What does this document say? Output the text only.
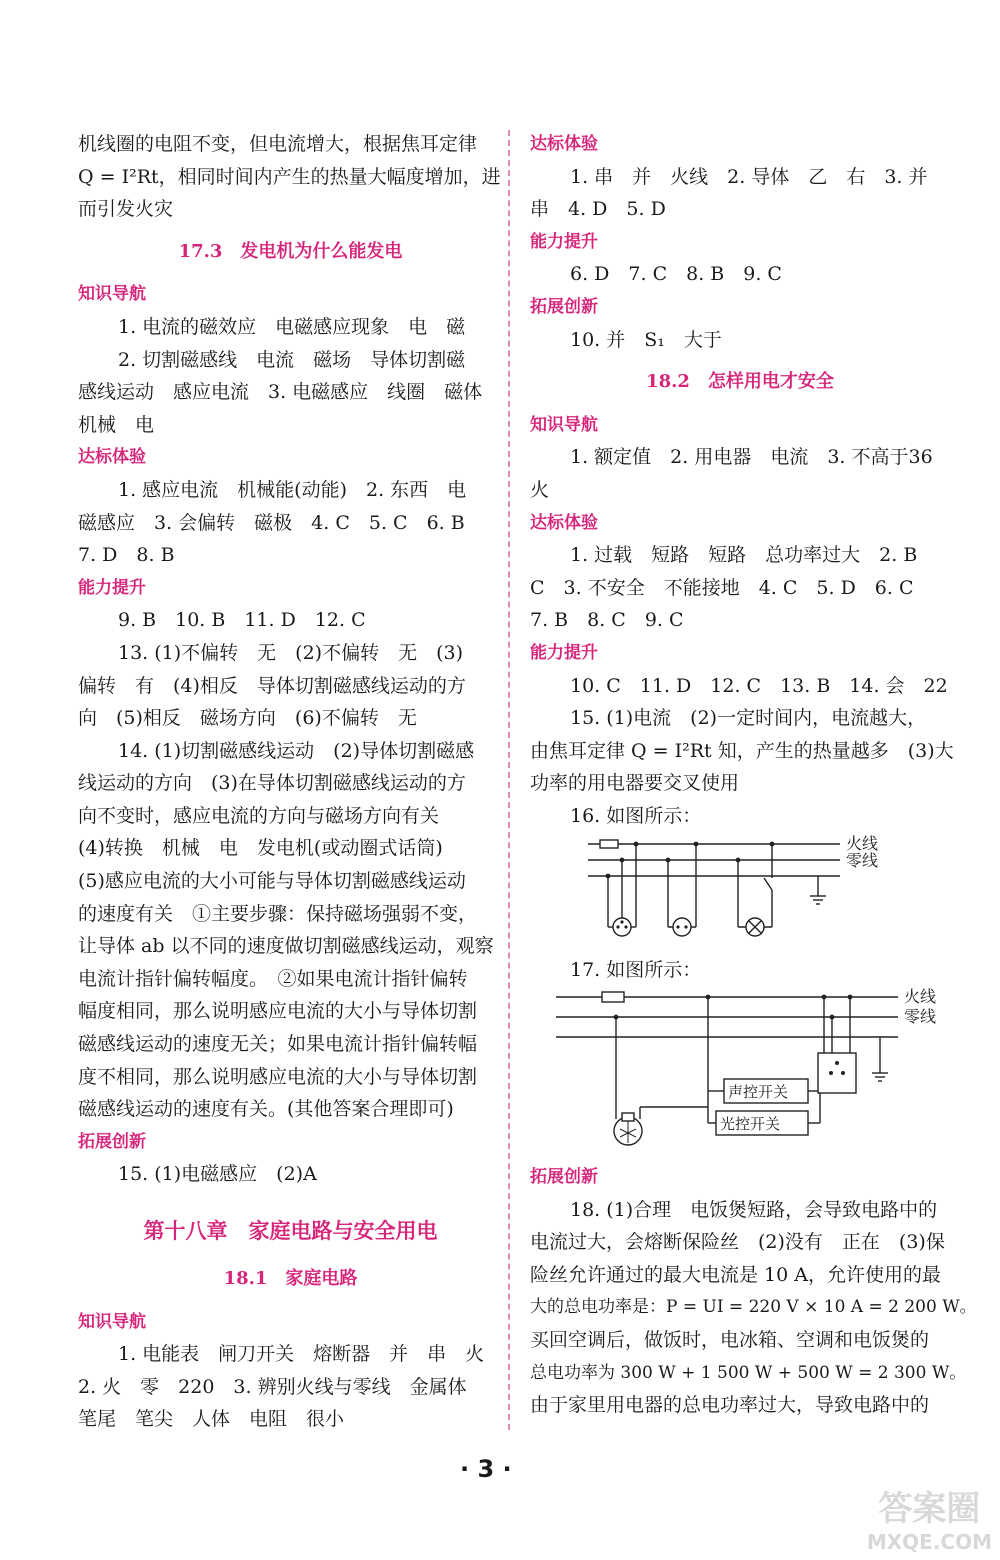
机线圈的电阻不变，但电流增大，根据焦耳定律
Q = I²Rt，相同时间内产生的热量大幅度增加，进
而引发火灾
17.3　发电机为什么能发电
知识导航
1. 电流的磁效应　电磁感应现象　电　磁
2. 切割磁感线　电流　磁场　导体切割磁
感线运动　感应电流　3. 电磁感应　线圈　磁体
机械　电
达标体验
1. 感应电流　机械能(动能)　2. 东西　电
磁感应　3. 会偏转　磁极　4. C　5. C　6. B
7. D　8. B
能力提升
9. B　10. B　11. D　12. C
13. (1)不偏转　无　(2)不偏转　无　(3)
偏转　有　(4)相反　导体切割磁感线运动的方
向　(5)相反　磁场方向　(6)不偏转　无
14. (1)切割磁感线运动　(2)导体切割磁感
线运动的方向　(3)在导体切割磁感线运动的方
向不变时，感应电流的方向与磁场方向有关
(4)转换　机械　电　发电机(或动圈式话筒)
(5)感应电流的大小可能与导体切割磁感线运动
的速度有关　①主要步骤：保持磁场强弱不变，
让导体 ab 以不同的速度做切割磁感线运动，观察
电流计指针偏转幅度。　②如果电流计指针偏转
幅度相同，那么说明感应电流的大小与导体切割
磁感线运动的速度无关；如果电流计指针偏转幅
度不相同，那么说明感应电流的大小与导体切割
磁感线运动的速度有关。(其他答案合理即可)
拓展创新
15. (1)电磁感应　(2)A
第十八章　家庭电路与安全用电
18.1　家庭电路
知识导航
1. 电能表　闸刀开关　熔断器　并　串　火
2. 火　零　220　3. 辨别火线与零线　金属体
笔尾　笔尖　人体　电阻　很小
达标体验
1. 串　并　火线　2. 导体　乙　右　3. 并
串　4. D　5. D
能力提升
6. D　7. C　8. B　9. C
拓展创新
10. 并　S₁　大于
18.2　怎样用电才安全
知识导航
1. 额定值　2. 用电器　电流　3. 不高于36
火
达标体验
1. 过载　短路　短路　总功率过大　2. B
C　3. 不安全　不能接地　4. C　5. D　6. C
7. B　8. C　9. C
能力提升
10. C　11. D　12. C　13. B　14. 会　22
15. (1)电流　(2)一定时间内，电流越大，
由焦耳定律 Q = I²Rt 知，产生的热量越多　(3)大
功率的用电器要交叉使用
16. 如图所示：
火线
零线
17. 如图所示：
火线
零线
声控开关
光控开关
拓展创新
18. (1)合理　电饭煲短路，会导致电路中的
电流过大，会熔断保险丝　(2)没有　正在　(3)保
险丝允许通过的最大电流是 10 A，允许使用的最
大的总电功率是：P = UI = 220 V × 10 A = 2 200 W。
买回空调后，做饭时，电冰箱、空调和电饭煲的
总电功率为 300 W + 1 500 W + 500 W = 2 300 W。
由于家里用电器的总电功率过大，导致电路中的
· 3 ·
答案圈
MXQE.COM
